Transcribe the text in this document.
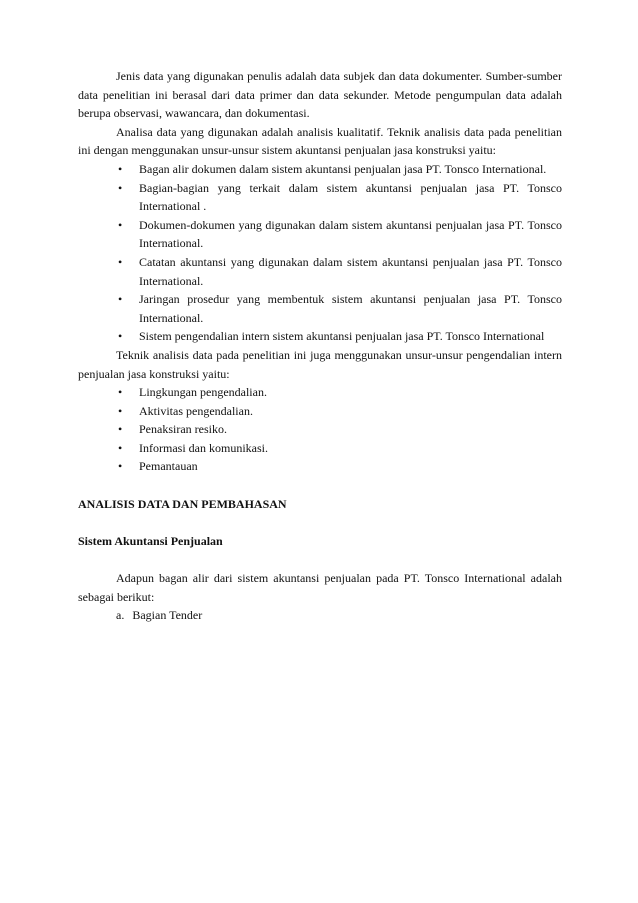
Jenis data yang digunakan penulis adalah data subjek dan data dokumenter. Sumber-sumber data penelitian ini berasal dari data primer dan data sekunder. Metode pengumpulan data adalah berupa observasi, wawancara, dan dokumentasi.

Analisa data yang digunakan adalah analisis kualitatif. Teknik analisis data pada penelitian ini dengan menggunakan unsur-unsur sistem akuntansi penjualan jasa konstruksi yaitu:

• Bagan alir dokumen dalam sistem akuntansi penjualan jasa PT. Tonsco International.
• Bagian-bagian yang terkait dalam sistem akuntansi penjualan jasa PT. Tonsco International .
• Dokumen-dokumen yang digunakan dalam sistem akuntansi penjualan jasa PT. Tonsco International.
• Catatan akuntansi yang digunakan dalam sistem akuntansi penjualan jasa PT. Tonsco International.
• Jaringan prosedur yang membentuk sistem akuntansi penjualan jasa PT. Tonsco International.
• Sistem pengendalian intern sistem akuntansi penjualan jasa PT. Tonsco International

Teknik analisis data pada penelitian ini juga menggunakan unsur-unsur pengendalian intern penjualan jasa konstruksi yaitu:

• Lingkungan pengendalian.
• Aktivitas pengendalian.
• Penaksiran resiko.
• Informasi dan komunikasi.
• Pemantauan

ANALISIS DATA DAN PEMBAHASAN

Sistem Akuntansi Penjualan

Adapun bagan alir dari sistem akuntansi penjualan pada PT. Tonsco International adalah sebagai berikut:

a. Bagian Tender
